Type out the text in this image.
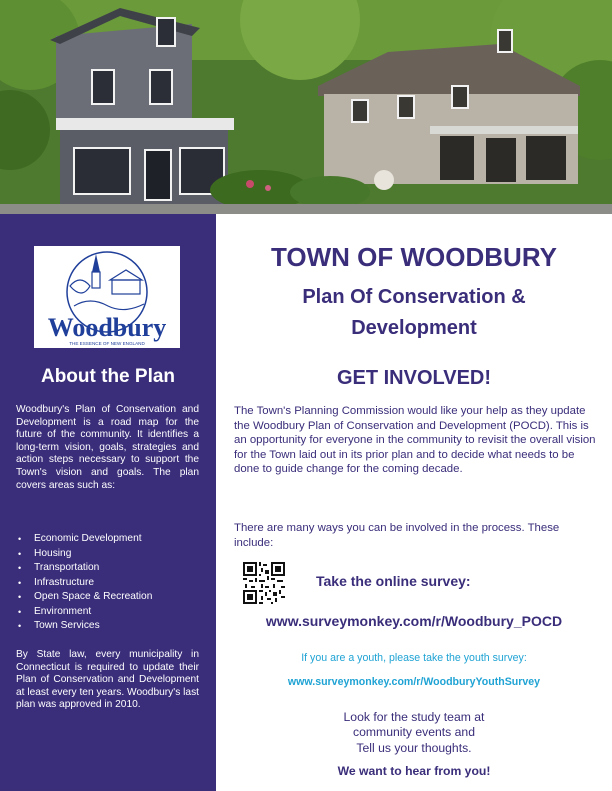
Woodbury
THE ESSENCE OF NEW ENGLAND
About the Plan
Woodbury's Plan of Conservation and Development is a road map for the future of the community. It identifies a long-term vision, goals, strategies and action steps necessary to support the Town's vision and goals. The plan covers areas such as:
• Economic Development
• Housing
• Transportation
• Infrastructure
• Open Space & Recreation
• Environment
• Town Services
By State law, every municipality in Connecticut is required to update their Plan of Conservation and Development at least every ten years. Woodbury's last plan was approved in 2010.
TOWN OF WOODBURY
Plan Of Conservation &
Development
GET INVOLVED!
The Town's Planning Commission would like your help as they update the Woodbury Plan of Conservation and Development (POCD). This is an opportunity for everyone in the community to revisit the overall vision for the Town laid out in its prior plan and to decide what needs to be done to guide change for the coming decade.
There are many ways you can be involved in the process. These include:
Take the online survey:
www.surveymonkey.com/r/Woodbury_POCD
If you are a youth, please take the youth survey:
www.surveymonkey.com/r/WoodburyYouthSurvey
Look for the study team at
community events and
Tell us your thoughts.
We want to hear from you!
